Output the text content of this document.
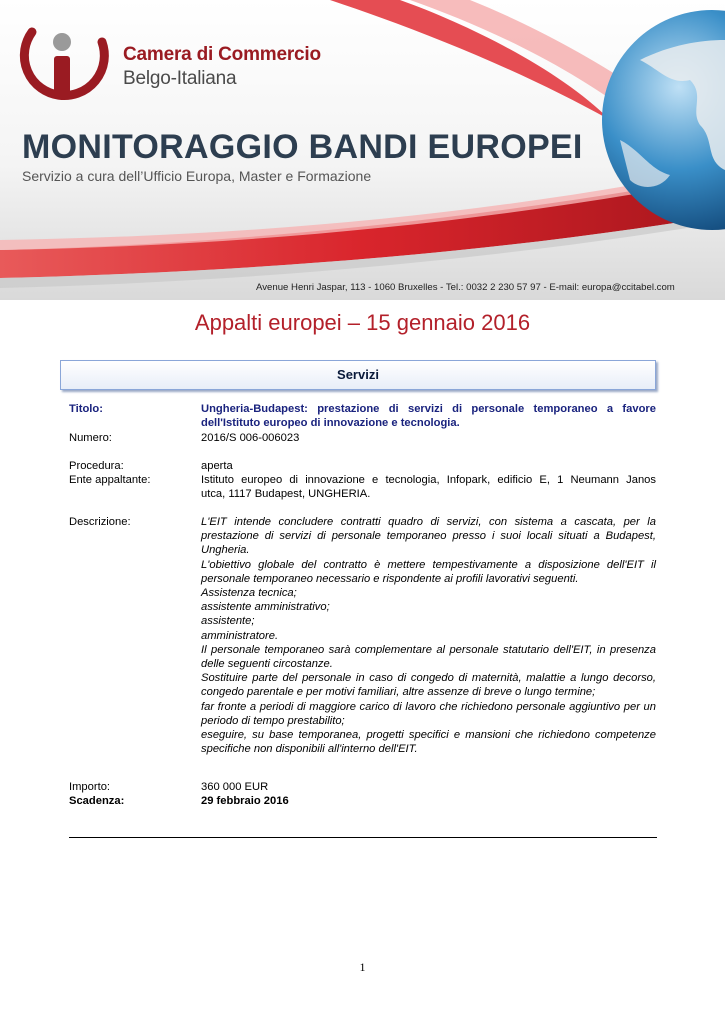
Camera di Commercio
Belgo-Italiana
MONITORAGGIO BANDI EUROPEI
Servizio a cura dell’Ufficio Europa, Master e Formazione
Avenue Henri Jaspar, 113 - 1060 Bruxelles - Tel.: 0032 2 230 57 97 - E-mail: europa@ccitabel.com
Appalti europei – 15 gennaio 2016
Servizi
Titolo:	Ungheria-Budapest: prestazione di servizi di personale temporaneo a favore
dell'Istituto europeo di innovazione e tecnologia.
Numero:	2016/S 006-006023
Procedura:	aperta
Ente appaltante:	Istituto europeo di innovazione e tecnologia, Infopark, edificio E, 1 Neumann Janos
utca, 1117 Budapest, UNGHERIA.
Descrizione:	L'EIT intende concludere contratti quadro di servizi, con sistema a cascata, per la prestazione di servizi di personale temporaneo presso i suoi locali situati a Budapest, Ungheria.

L'obiettivo globale del contratto è mettere tempestivamente a disposizione dell'EIT il personale temporaneo necessario e rispondente ai profili lavorativi seguenti.

Assistenza tecnica;

assistente amministrativo;

assistente;

amministratore.

Il personale temporaneo sarà complementare al personale statutario dell'EIT, in presenza delle seguenti circostanze.

Sostituire parte del personale in caso di congedo di maternità, malattie a lungo decorso, congedo parentale e per motivi familiari, altre assenze di breve o lungo termine;

far fronte a periodi di maggiore carico di lavoro che richiedono personale aggiuntivo per un periodo di tempo prestabilito;

eseguire, su base temporanea, progetti specifici e mansioni che richiedono competenze specifiche non disponibili all'interno dell'EIT.

Importo:	360 000 EUR
Scadenza:	29 febbraio 2016
1
